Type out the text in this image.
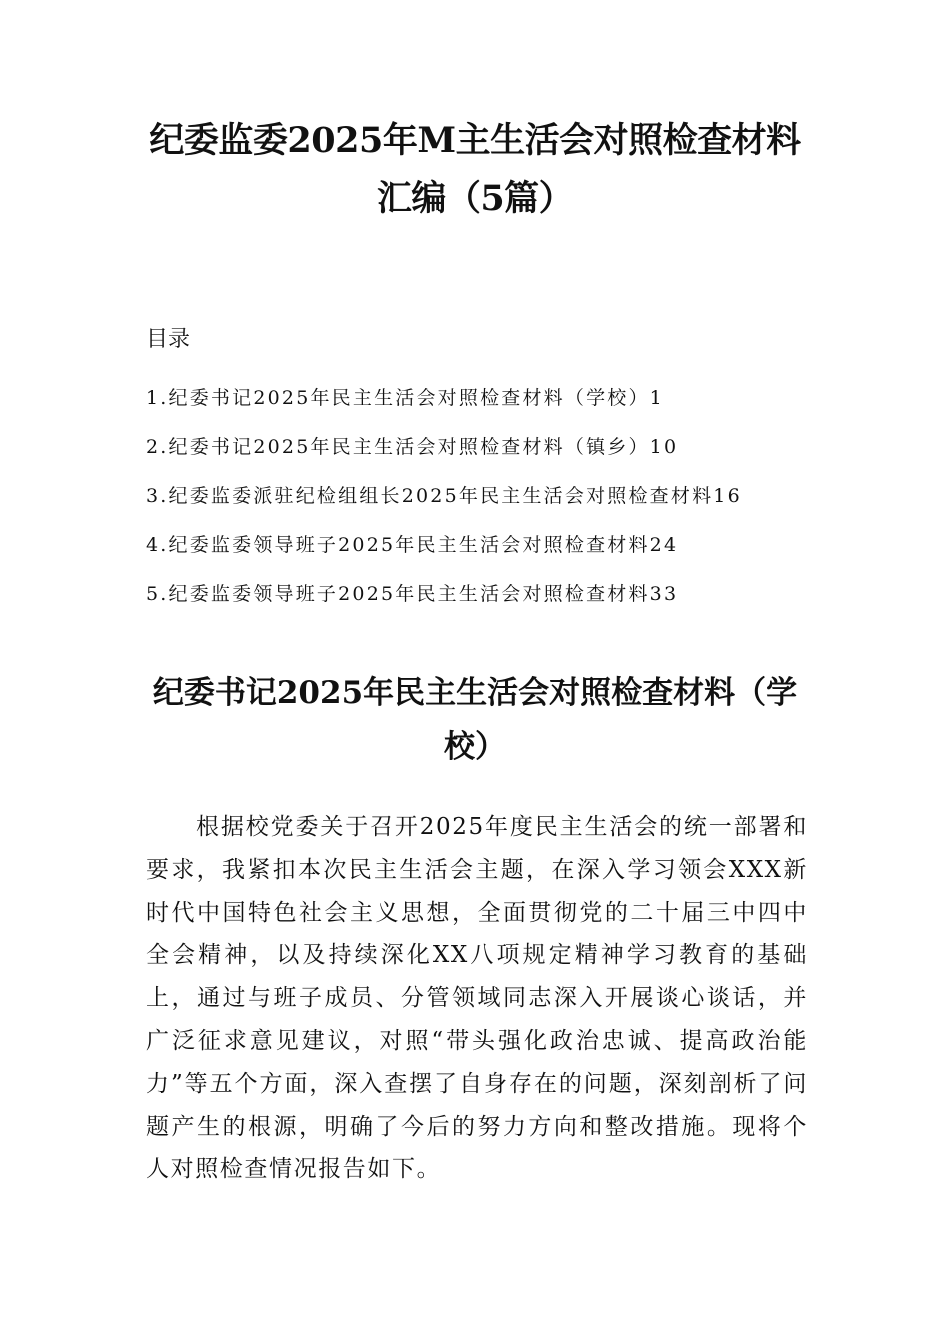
纪委监委2025年M主生活会对照检查材料
汇编（5篇）

目录

1.纪委书记2025年民主生活会对照检查材料（学校）1
2.纪委书记2025年民主生活会对照检查材料（镇乡）10
3.纪委监委派驻纪检组组长2025年民主生活会对照检查材料16
4.纪委监委领导班子2025年民主生活会对照检查材料24
5.纪委监委领导班子2025年民主生活会对照检查材料33
纪委书记2025年民主生活会对照检查材料（学
校）

根据校党委关于召开2025年度民主生活会的统一部署和要求，我紧扣本次民主生活会主题，在深入学习领会XXX新时代中国特色社会主义思想，全面贯彻党的二十届三中四中全会精神，以及持续深化XX八项规定精神学习教育的基础上，通过与班子成员、分管领域同志深入开展谈心谈话，并广泛征求意见建议，对照“带头强化政治忠诚、提高政治能力”等五个方面，深入查摆了自身存在的问题，深刻剖析了问题产生的根源，明确了今后的努力方向和整改措施。现将个人对照检查情况报告如下。
